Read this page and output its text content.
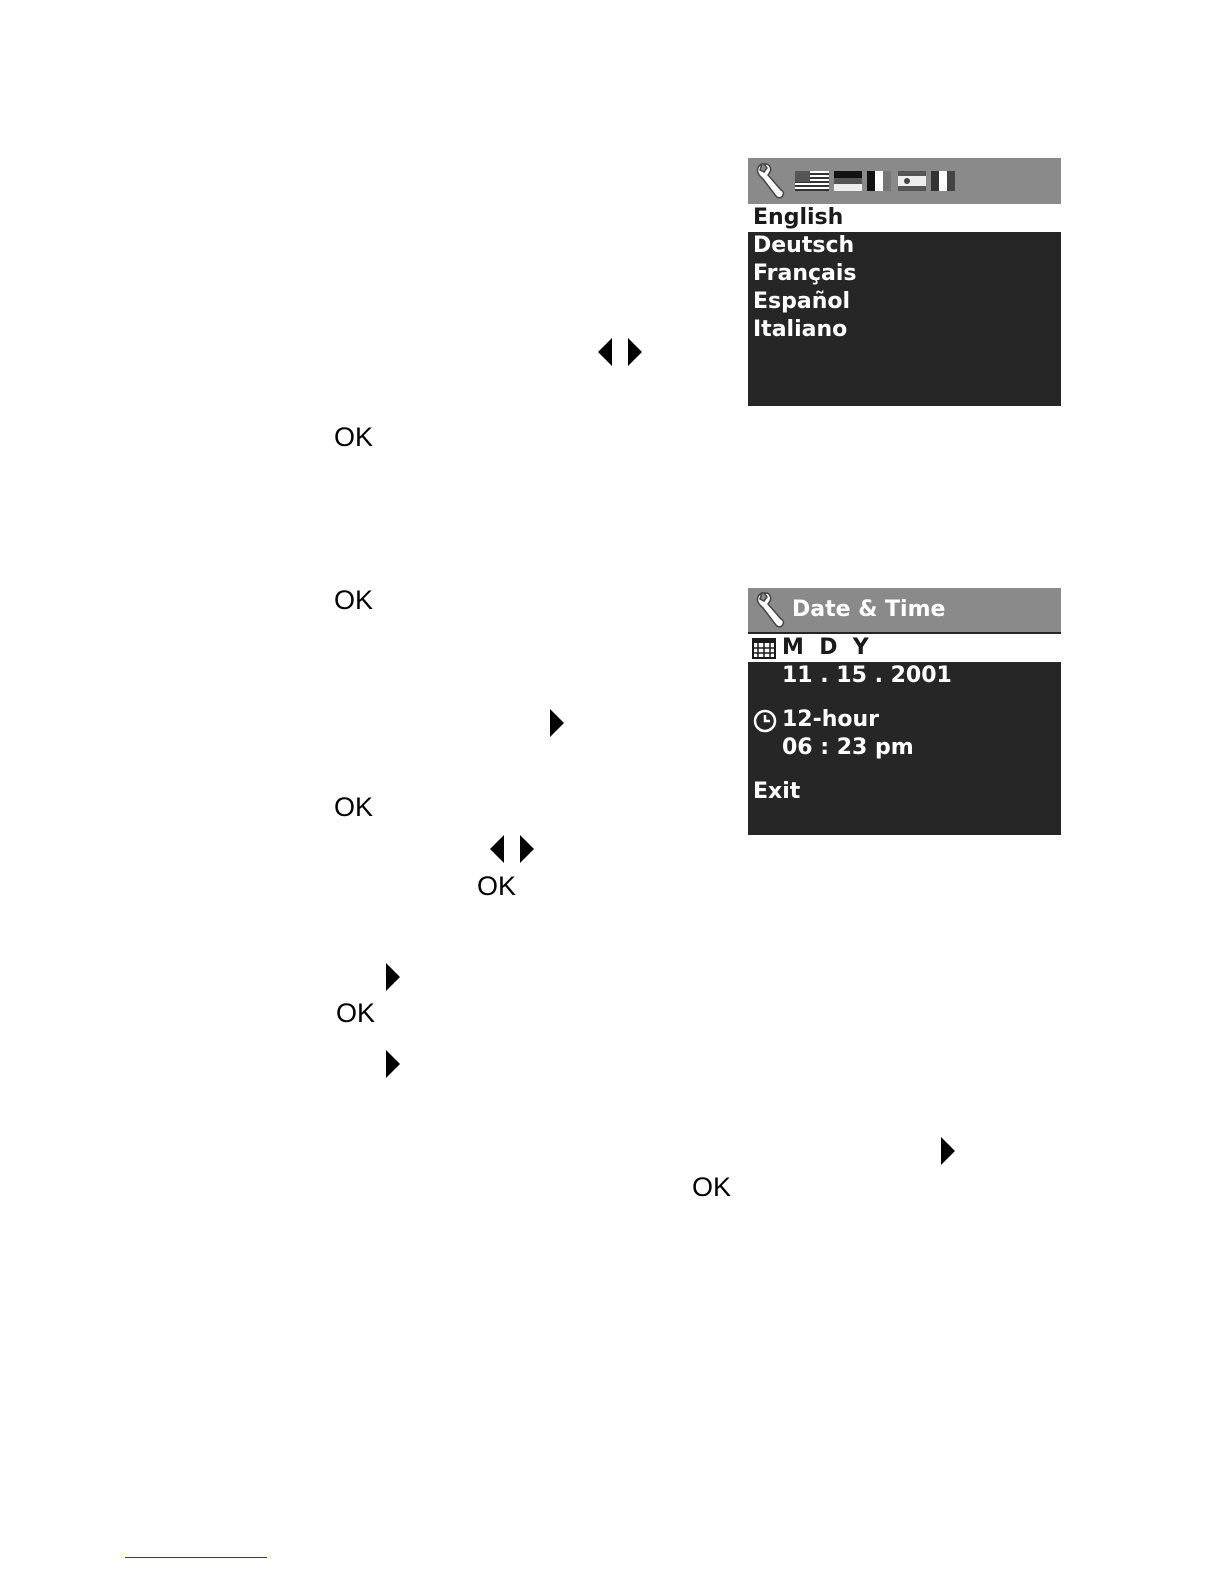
English
Deutsch
Français
Español
Italiano
Date & Time
M  D  Y
11 . 15 . 2001
12-hour
06 : 23 pm
Exit
OK
OK
OK
OK
OK
OK
